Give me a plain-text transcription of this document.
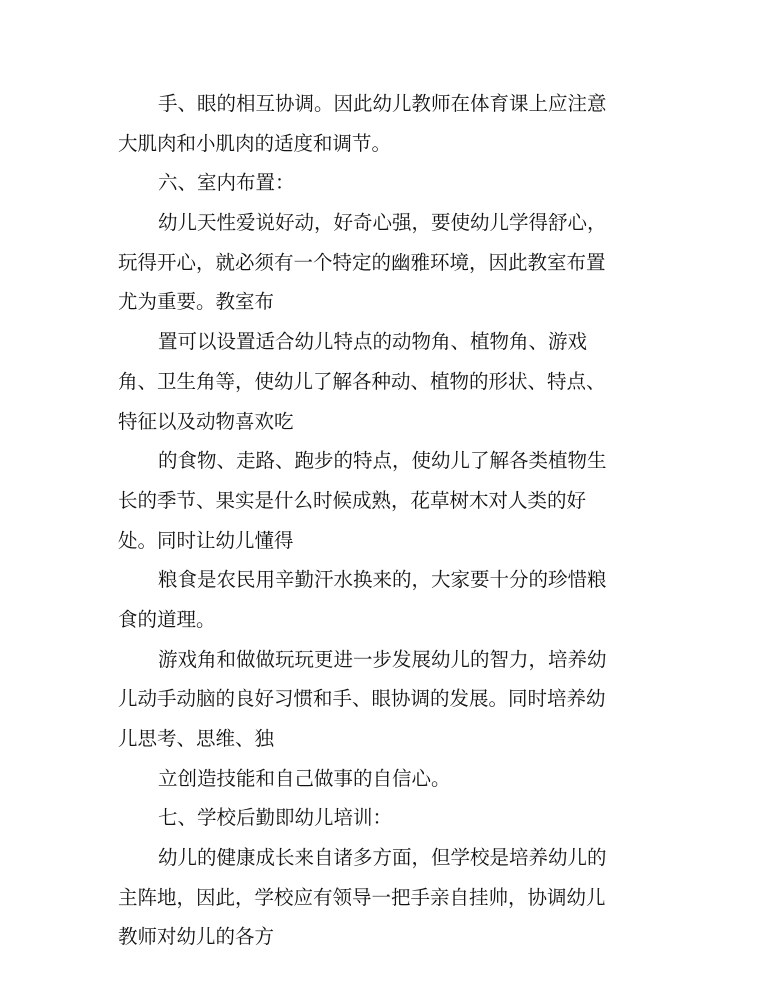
手、眼的相互协调。因此幼儿教师在体育课上应注意
大肌肉和小肌肉的适度和调节。
六、室内布置：
幼儿天性爱说好动，好奇心强，要使幼儿学得舒心，
玩得开心，就必须有一个特定的幽雅环境，因此教室布置
尤为重要。教室布
置可以设置适合幼儿特点的动物角、植物角、游戏
角、卫生角等，使幼儿了解各种动、植物的形状、特点、
特征以及动物喜欢吃
的食物、走路、跑步的特点，使幼儿了解各类植物生
长的季节、果实是什么时候成熟，花草树木对人类的好
处。同时让幼儿懂得
粮食是农民用辛勤汗水换来的，大家要十分的珍惜粮
食的道理。
游戏角和做做玩玩更进一步发展幼儿的智力，培养幼
儿动手动脑的良好习惯和手、眼协调的发展。同时培养幼
儿思考、思维、独
立创造技能和自己做事的自信心。
七、学校后勤即幼儿培训：
幼儿的健康成长来自诸多方面，但学校是培养幼儿的
主阵地，因此，学校应有领导一把手亲自挂帅，协调幼儿
教师对幼儿的各方
